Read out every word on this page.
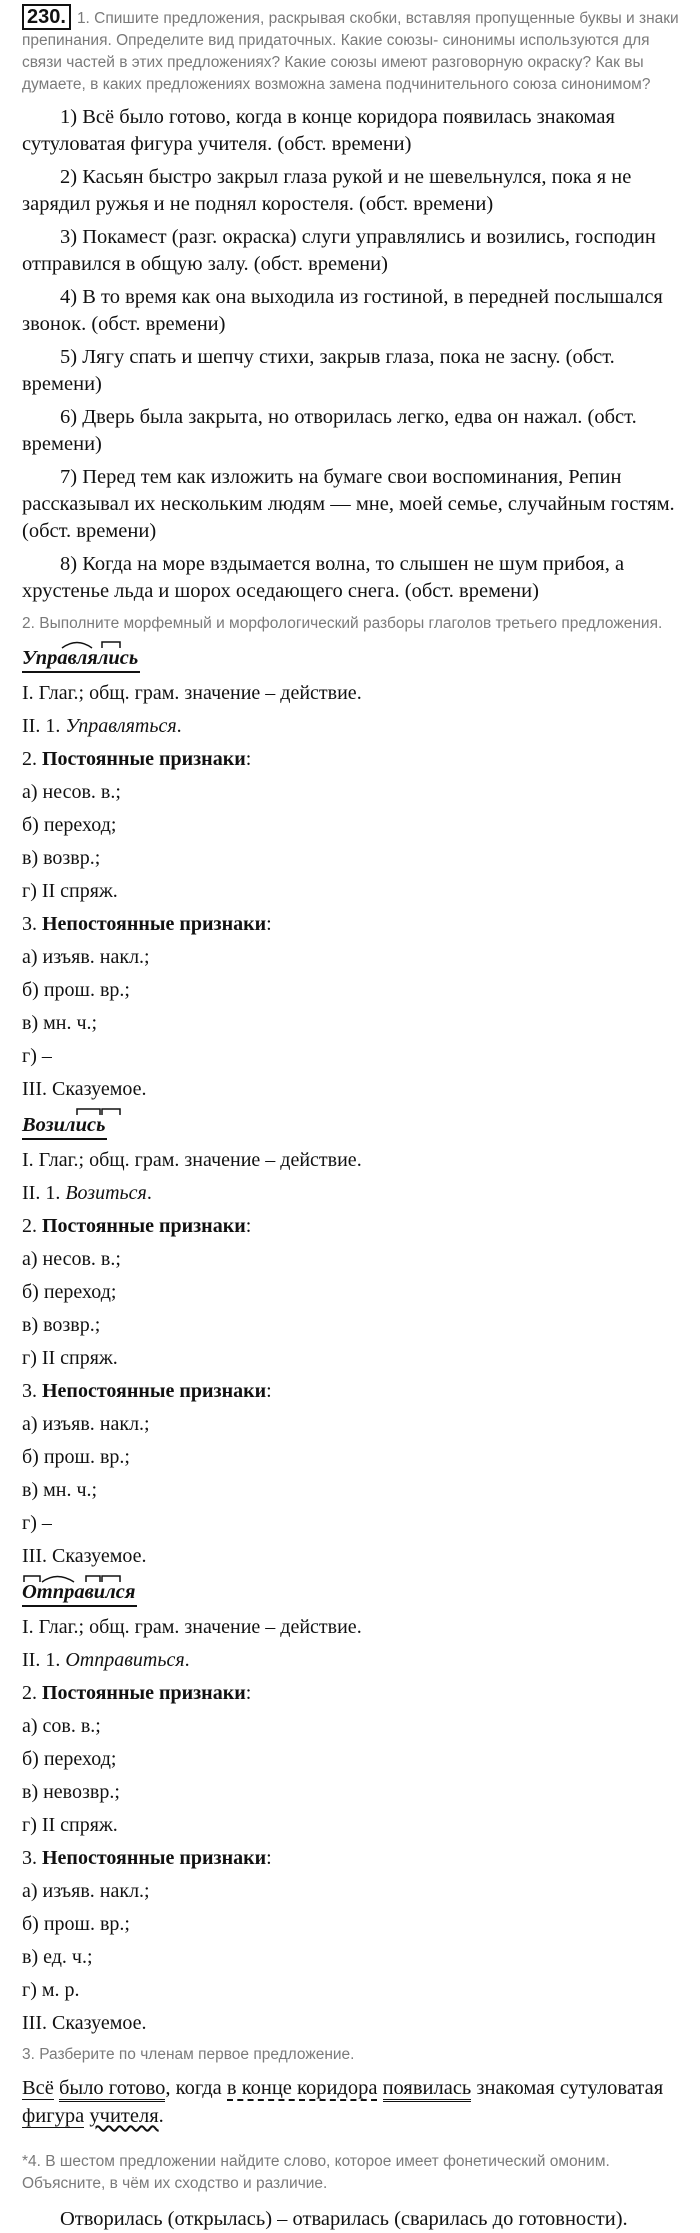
230. 1. Спишите предложения, раскрывая скобки, вставляя пропущенные буквы и знаки препинания. Определите вид придаточных. Какие союзы- синонимы используются для связи частей в этих предложениях? Какие союзы имеют разговорную окраску? Как вы думаете, в каких предложениях возможна замена подчинительного союза синонимом?

1) Всё было готово, когда в конце коридора появилась знакомая сутуловатая фигура учителя. (обст. времени)

2) Касьян быстро закрыл глаза рукой и не шевельнулся, пока я не зарядил ружья и не поднял коростеля. (обст. времени)

3) Покамест (разг. окраска) слуги управлялись и возились, господин отправился в общую залу. (обст. времени)

4) В то время как она выходила из гостиной, в передней послышался звонок. (обст. времени)

5) Лягу спать и шепчу стихи, закрыв глаза, пока не засну. (обст. времени)

6) Дверь была закрыта, но отворилась легко, едва он нажал. (обст. времени)

7) Перед тем как изложить на бумаге свои воспоминания, Репин рассказывал их нескольким людям — мне, моей семье, случайным гостям. (обст. времени)

8) Когда на море вздымается волна, то слышен не шум прибоя, а хрустенье льда и шорох оседающего снега. (обст. времени)

2. Выполните морфемный и морфологический разборы глаголов третьего предложения.
Управлялись

I. Глаг.; общ. грам. значение – действие.

II. 1. Управляться.

2. Постоянные признаки:

а) несов. в.;

б) переход;

в) возвр.;

г) II спряж.

3. Непостоянные признаки:

а) изъяв. накл.;

б) прош. вр.;

в) мн. ч.;

г) –

III. Сказуемое.

Возились

I. Глаг.; общ. грам. значение – действие.

II. 1. Возиться.

2. Постоянные признаки:

а) несов. в.;

б) переход;

в) возвр.;

г) II спряж.

3. Непостоянные признаки:

а) изъяв. накл.;

б) прош. вр.;

в) мн. ч.;

г) –

III. Сказуемое.

Отправился

I. Глаг.; общ. грам. значение – действие.

II. 1. Отправиться.

2. Постоянные признаки:

а) сов. в.;

б) переход;

в) невозвр.;

г) II спряж.

3. Непостоянные признаки:

а) изъяв. накл.;

б) прош. вр.;

в) ед. ч.;

г) м. р.

III. Сказуемое.

3. Разберите по членам первое предложение.

Всё было готово, когда в конце коридора появилась знакомая сутуловатая фигура учителя.

*4. В шестом предложении найдите слово, которое имеет фонетический омоним. Объясните, в чём их сходство и различие.

Отворилась (открылась) – отварилась (сварилась до готовности).
